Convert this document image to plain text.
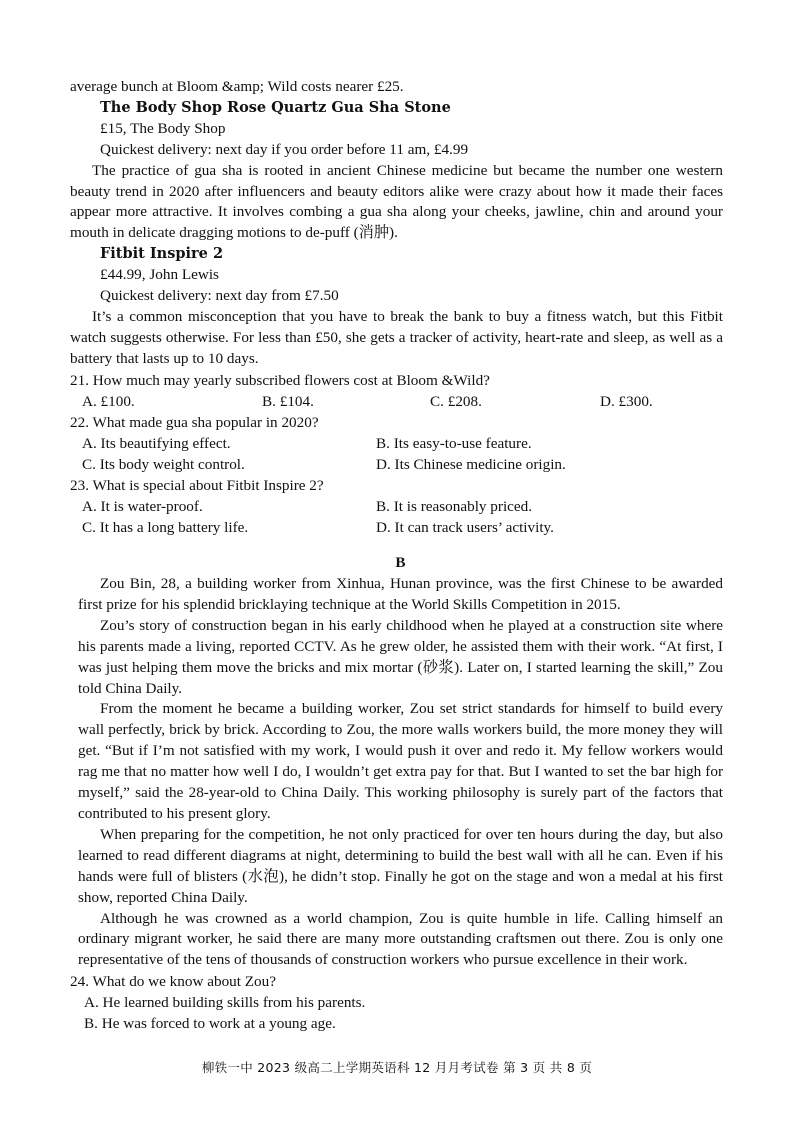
average bunch at Bloom &amp; Wild costs nearer £25.

The Body Shop Rose Quartz Gua Sha Stone

£15, The Body Shop

Quickest delivery: next day if you order before 11 am, £4.99

The practice of gua sha is rooted in ancient Chinese medicine but became the number one western beauty trend in 2020 after influencers and beauty editors alike were crazy about how it made their faces appear more attractive. It involves combing a gua sha along your cheeks, jawline, chin and around your mouth in delicate dragging motions to de-puff (消肿).

Fitbit Inspire 2

£44.99, John Lewis

Quickest delivery: next day from £7.50

It’s a common misconception that you have to break the bank to buy a fitness watch, but this Fitbit watch suggests otherwise. For less than £50, she gets a tracker of activity, heart-rate and sleep, as well as a battery that lasts up to 10 days.

21. How much may yearly subscribed flowers cost at Bloom &Wild?

A. £100.	B. £104.	C. £208.	D. £300.

22. What made gua sha popular in 2020?

A. Its beautifying effect.	B. Its easy-to-use feature.
C. Its body weight control.	D. Its Chinese medicine origin.

23. What is special about Fitbit Inspire 2?

A. It is water-proof.	B. It is reasonably priced.
C. It has a long battery life.	D. It can track users’ activity.

B

Zou Bin, 28, a building worker from Xinhua, Hunan province, was the first Chinese to be awarded first prize for his splendid bricklaying technique at the World Skills Competition in 2015.

Zou’s story of construction began in his early childhood when he played at a construction site where his parents made a living, reported CCTV. As he grew older, he assisted them with their work. “At first, I was just helping them move the bricks and mix mortar (砂浆). Later on, I started learning the skill,” Zou told China Daily.

From the moment he became a building worker, Zou set strict standards for himself to build every wall perfectly, brick by brick. According to Zou, the more walls workers build, the more money they will get. “But if I’m not satisfied with my work, I would push it over and redo it. My fellow workers would rag me that no matter how well I do, I wouldn’t get extra pay for that. But I wanted to set the bar high for myself,” said the 28-year-old to China Daily. This working philosophy is surely part of the factors that contributed to his present glory.

When preparing for the competition, he not only practiced for over ten hours during the day, but also learned to read different diagrams at night, determining to build the best wall with all he can. Even if his hands were full of blisters (水泡), he didn’t stop. Finally he got on the stage and won a medal at his first show, reported China Daily.

Although he was crowned as a world champion, Zou is quite humble in life. Calling himself an ordinary migrant worker, he said there are many more outstanding craftsmen out there. Zou is only one representative of the tens of thousands of construction workers who pursue excellence in their work.

24. What do we know about Zou?

A. He learned building skills from his parents.

B. He was forced to work at a young age.

柳铁一中 2023 级高二上学期英语科 12 月月考试卷 第 3 页 共 8 页
